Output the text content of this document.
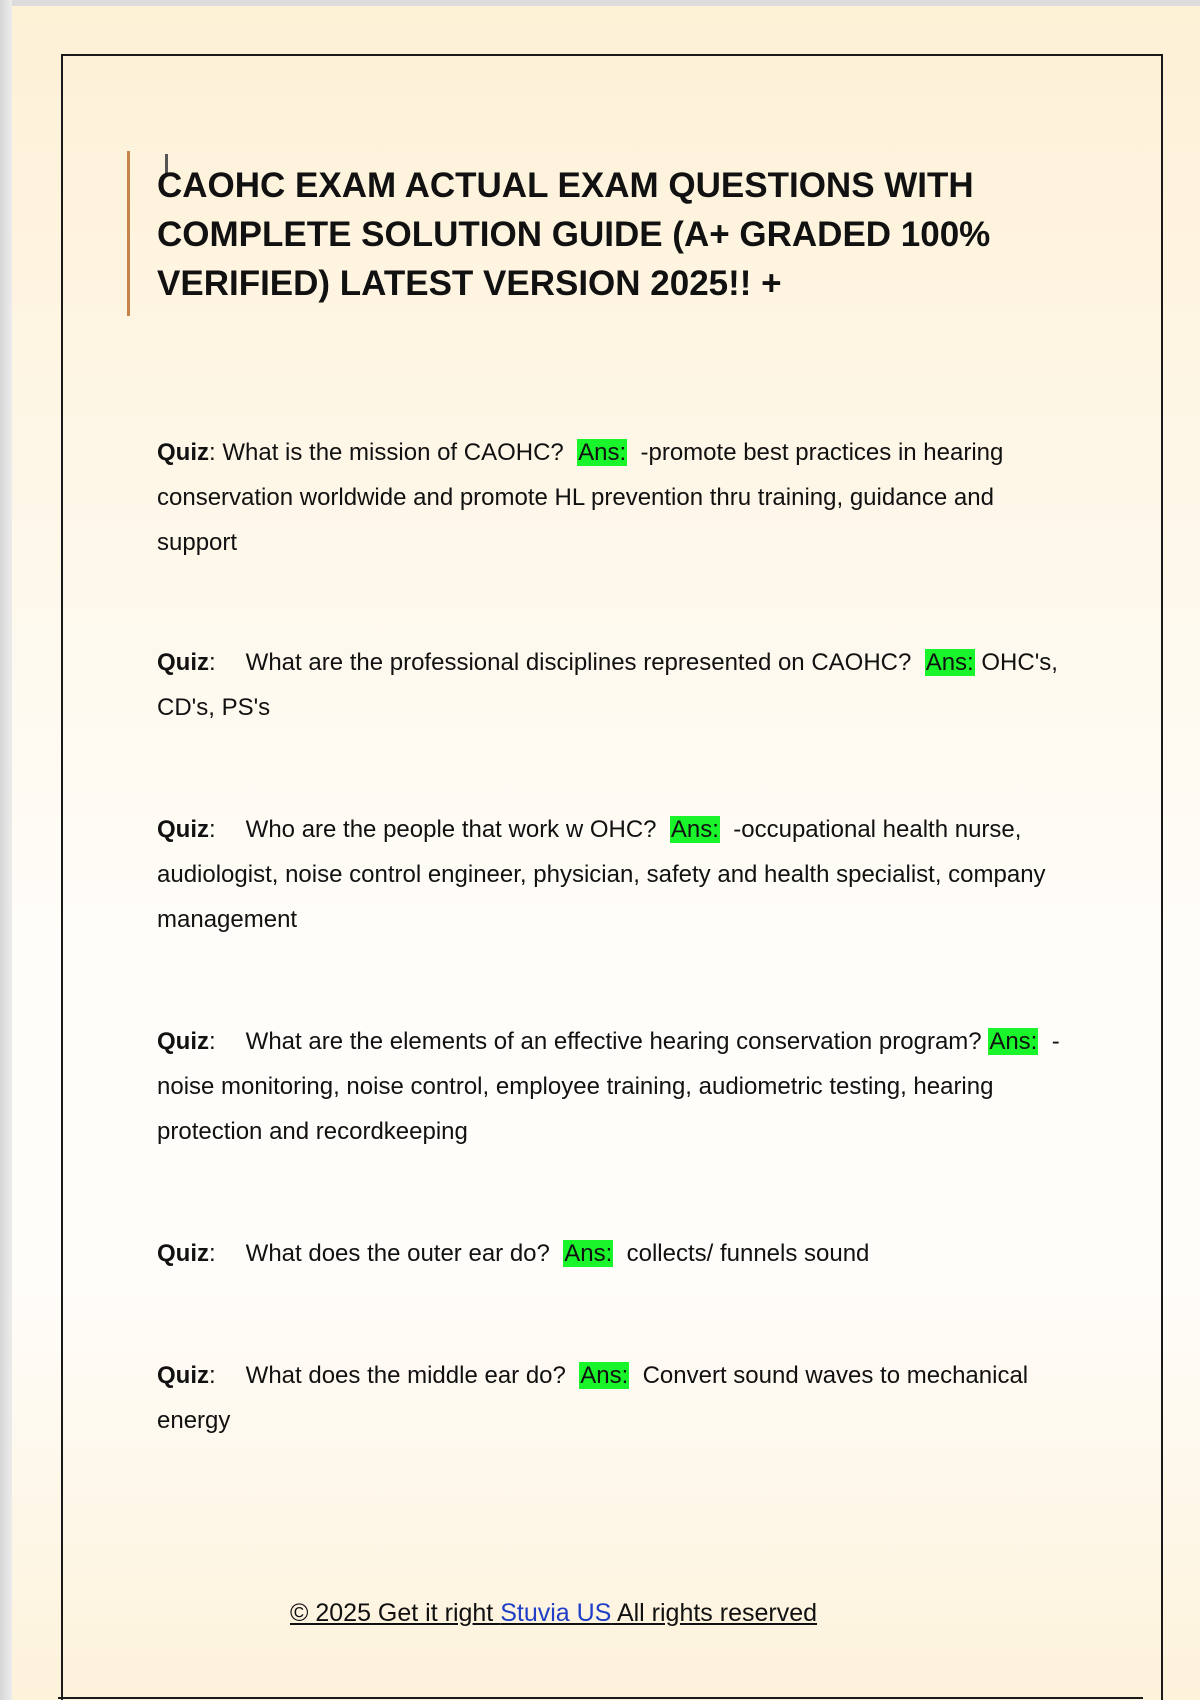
CAOHC EXAM ACTUAL EXAM QUESTIONS WITH COMPLETE SOLUTION GUIDE (A+ GRADED 100% VERIFIED) LATEST VERSION 2025!! +

Quiz: What is the mission of CAOHC? Ans: -promote best practices in hearing conservation worldwide and promote HL prevention thru training, guidance and support

Quiz: What are the professional disciplines represented on CAOHC? Ans: OHC's, CD's, PS's

Quiz: Who are the people that work w OHC? Ans: -occupational health nurse, audiologist, noise control engineer, physician, safety and health specialist, company management

Quiz: What are the elements of an effective hearing conservation program? Ans: -noise monitoring, noise control, employee training, audiometric testing, hearing protection and recordkeeping

Quiz: What does the outer ear do? Ans: collects/ funnels sound

Quiz: What does the middle ear do? Ans: Convert sound waves to mechanical energy

© 2025 Get it right Stuvia US All rights reserved
